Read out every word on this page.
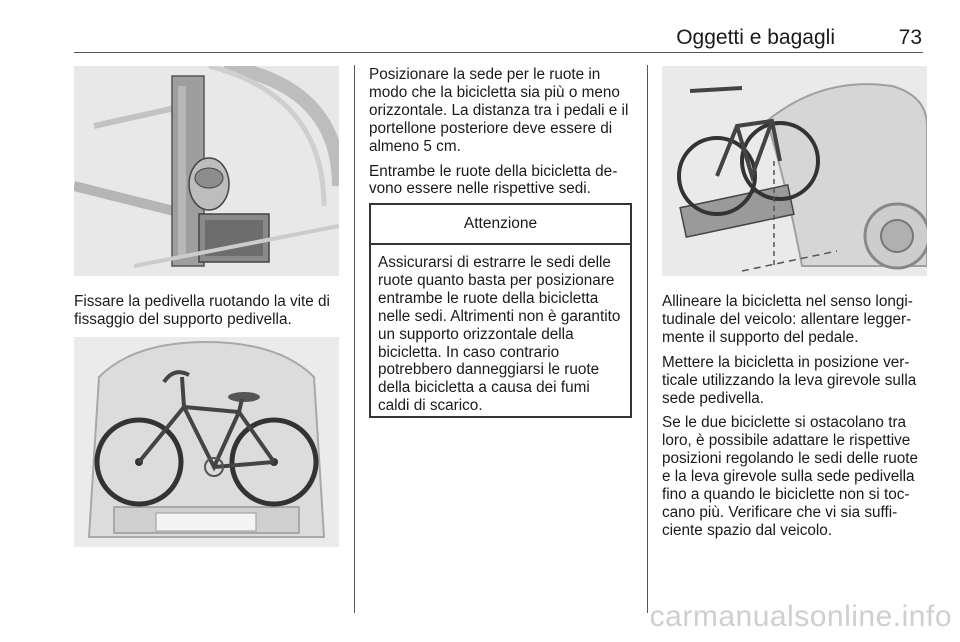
Oggetti e bagagli	73

Fissare la pedivella ruotando la vite di fissaggio del supporto pedivella.

Posizionare la sede per le ruote in modo che la bicicletta sia più o meno orizzontale. La distanza tra i pedali e il portellone posteriore deve essere di almeno 5 cm.

Entrambe le ruote della bicicletta devono essere nelle rispettive sedi.

Attenzione
Assicurarsi di estrarre le sedi delle ruote quanto basta per posizionare entrambe le ruote della bicicletta nelle sedi. Altrimenti non è garantito un supporto orizzontale della bicicletta. In caso contrario potrebbero danneggiarsi le ruote della bicicletta a causa dei fumi caldi di scarico.

Allineare la bicicletta nel senso longitudinale del veicolo: allentare leggermente il supporto del pedale.

Mettere la bicicletta in posizione verticale utilizzando la leva girevole sulla sede pedivella.

Se le due biciclette si ostacolano tra loro, è possibile adattare le rispettive posizioni regolando le sedi delle ruote e la leva girevole sulla sede pedivella fino a quando le biciclette non si toccano più. Verificare che vi sia sufficiente spazio dal veicolo.

carmanualsonline.info
